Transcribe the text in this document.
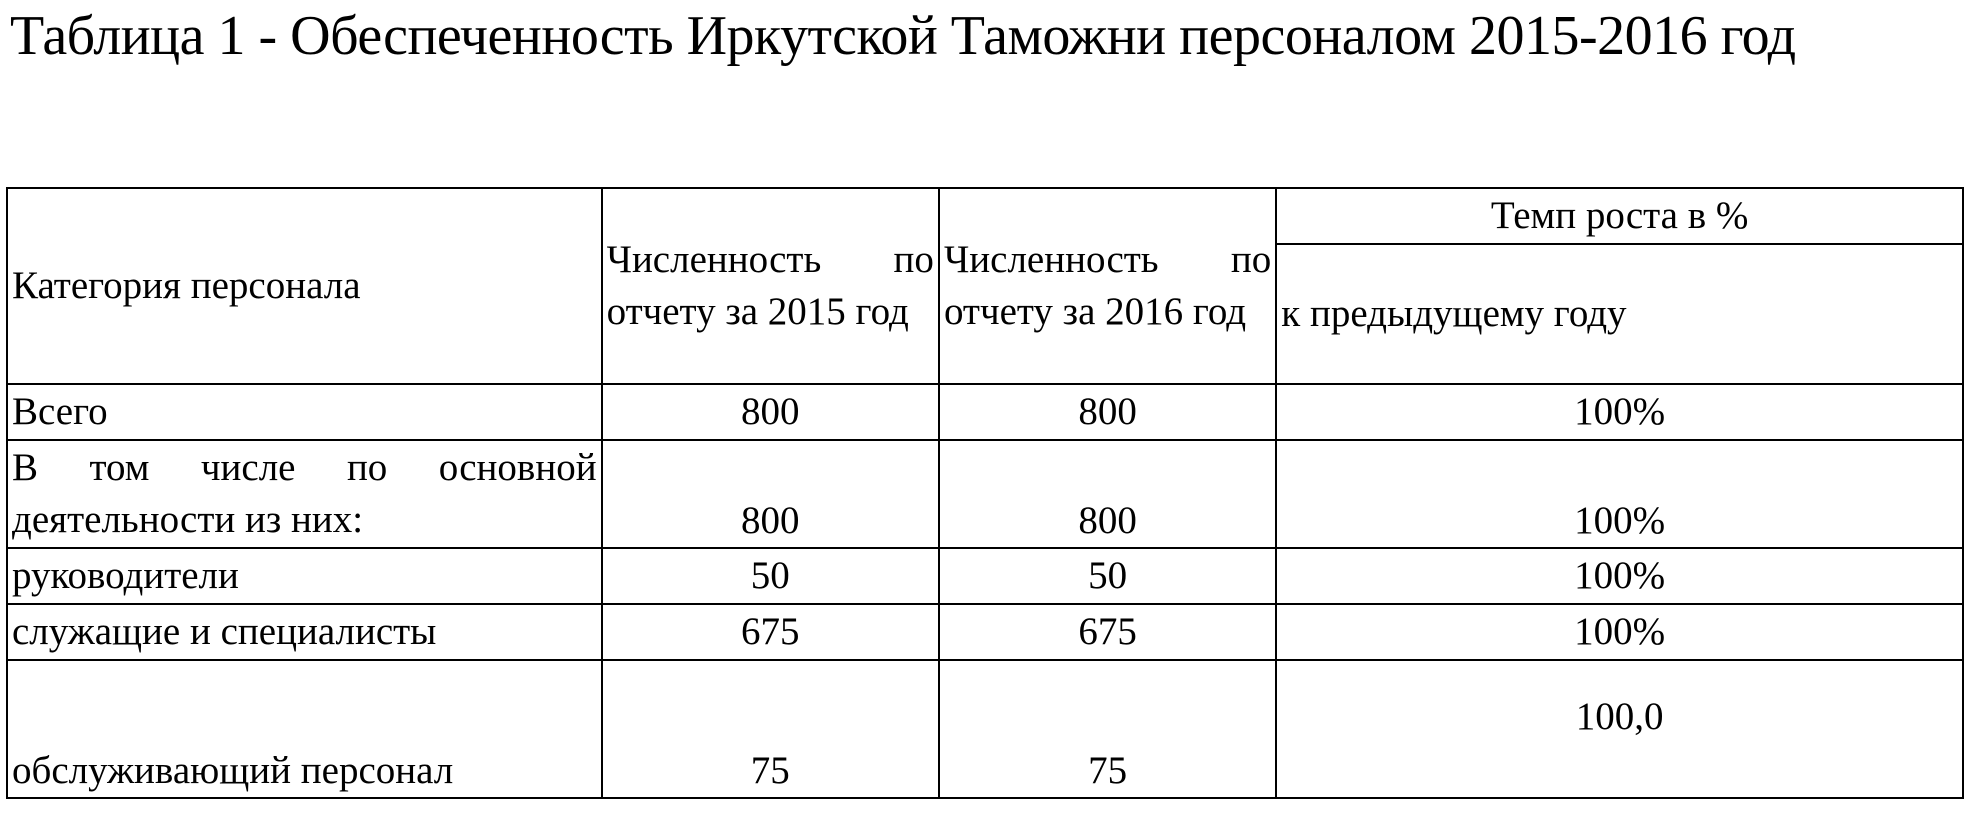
Таблица 1 - Обеспеченность Иркутской Таможни персоналом 2015-2016 год
Категория персонала	Численность по отчету за 2015 год	Численность по отчету за 2016 год	Темп роста в %
			к предыдущему году
Всего	800	800	100%
В том числе по основной деятельности из них:	800	800	100%
руководители	50	50	100%
служащие и специалисты	675	675	100%
обслуживающий персонал	75	75	100,0
